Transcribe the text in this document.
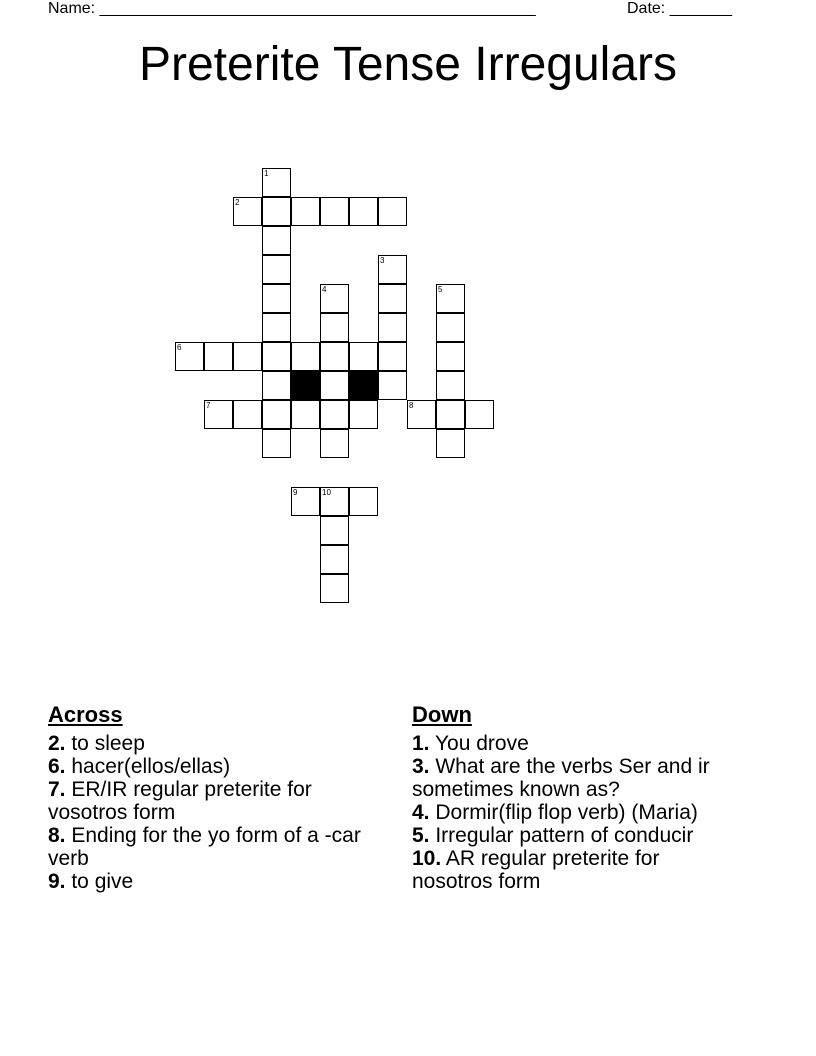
Name: _________________________________________________	Date: _______
Preterite Tense Irregulars
1
2
3
4	5
6
7	8
9	10
Across

2. to sleep

6. hacer(ellos/ellas)

7. ER/IR regular preterite for vosotros form

8. Ending for the yo form of a -car verb

9. to give

Down

1. You drove

3. What are the verbs Ser and ir sometimes known as?

4. Dormir(flip flop verb) (Maria)

5. Irregular pattern of conducir

10. AR regular preterite for nosotros form
